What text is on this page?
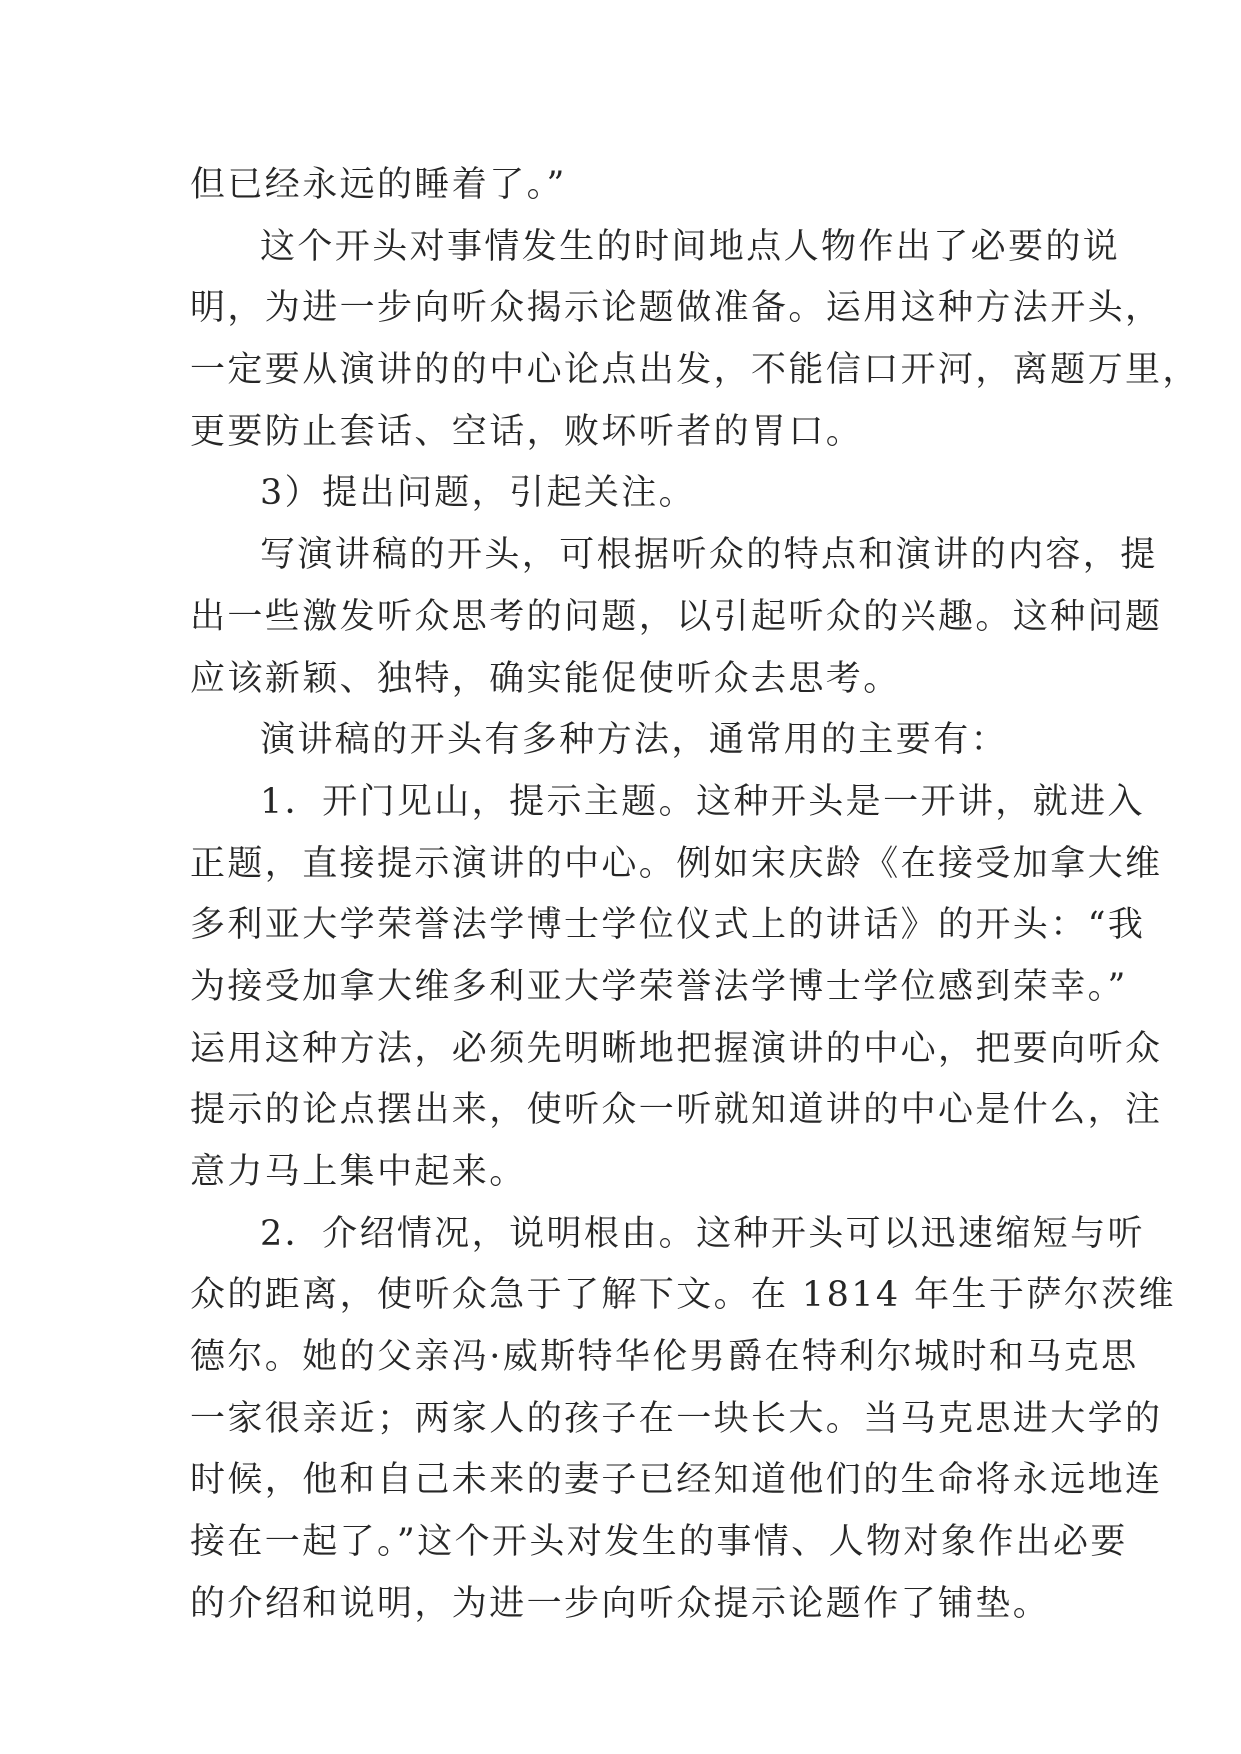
但已经永远的睡着了。”
这个开头对事情发生的时间地点人物作出了必要的说
明，为进一步向听众揭示论题做准备。运用这种方法开头，
一定要从演讲的的中心论点出发，不能信口开河，离题万里，
更要防止套话、空话，败坏听者的胃口。
3）提出问题，引起关注。
写演讲稿的开头，可根据听众的特点和演讲的内容，提
出一些激发听众思考的问题，以引起听众的兴趣。这种问题
应该新颖、独特，确实能促使听众去思考。
演讲稿的开头有多种方法，通常用的主要有：
1．开门见山，提示主题。这种开头是一开讲，就进入
正题，直接提示演讲的中心。例如宋庆龄《在接受加拿大维
多利亚大学荣誉法学博士学位仪式上的讲话》的开头：“我
为接受加拿大维多利亚大学荣誉法学博士学位感到荣幸。”
运用这种方法，必须先明晰地把握演讲的中心，把要向听众
提示的论点摆出来，使听众一听就知道讲的中心是什么，注
意力马上集中起来。
2．介绍情况，说明根由。这种开头可以迅速缩短与听
众的距离，使听众急于了解下文。在 1814 年生于萨尔茨维
德尔。她的父亲冯·威斯特华伦男爵在特利尔城时和马克思
一家很亲近；两家人的孩子在一块长大。当马克思进大学的
时候，他和自己未来的妻子已经知道他们的生命将永远地连
接在一起了。”这个开头对发生的事情、人物对象作出必要
的介绍和说明，为进一步向听众提示论题作了铺垫。
